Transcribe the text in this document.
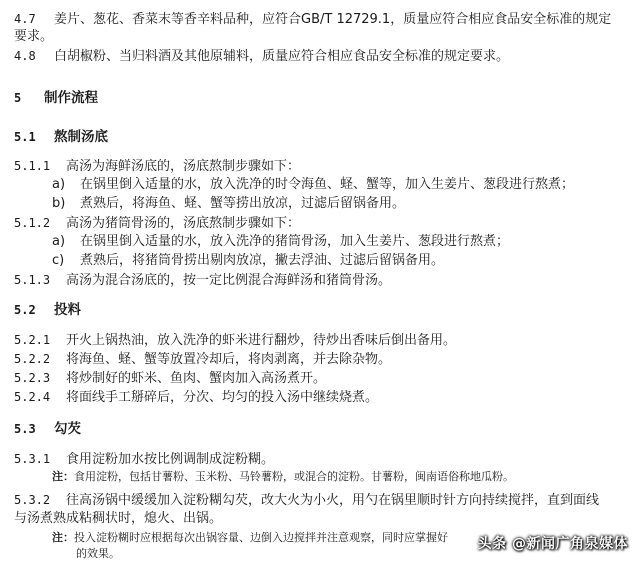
4.7 姜片、葱花、香菜末等香辛料品种，应符合GB/T 12729.1，质量应符合相应食品安全标准的规定
要求。
4.8 白胡椒粉、当归料酒及其他原辅料，质量应符合相应食品安全标准的规定要求。
5 制作流程
5.1 熬制汤底
5.1.1 高汤为海鲜汤底的，汤底熬制步骤如下：
a) 在锅里倒入适量的水，放入洗净的时令海鱼、蛏、蟹等，加入生姜片、葱段进行熬煮；
b) 煮熟后，将海鱼、蛏、蟹等捞出放凉，过滤后留锅备用。
5.1.2 高汤为猪筒骨汤的，汤底熬制步骤如下：
a) 在锅里倒入适量的水，放入洗净的猪筒骨汤，加入生姜片、葱段进行熬煮；
c) 煮熟后，将猪筒骨捞出剔肉放凉，撇去浮油、过滤后留锅备用。
5.1.3 高汤为混合汤底的，按一定比例混合海鲜汤和猪筒骨汤。
5.2 投料
5.2.1 开火上锅热油，放入洗净的虾米进行翻炒，待炒出香味后倒出备用。
5.2.2 将海鱼、蛏、蟹等放置冷却后，将肉剥离，并去除杂物。
5.2.3 将炒制好的虾米、鱼肉、蟹肉加入高汤煮开。
5.2.4 将面线手工掰碎后，分次、均匀的投入汤中继续烧煮。
5.3 勾芡
5.3.1 食用淀粉加水按比例调制成淀粉糊。
注：食用淀粉，包括甘薯粉、玉米粉、马铃薯粉，或混合的淀粉。甘薯粉，闽南语俗称地瓜粉。
5.3.2 往高汤锅中缓缓加入淀粉糊勾芡，改大火为小火，用勺在锅里顺时针方向持续搅拌，直到面线
与汤煮熟成粘稠状时，熄火、出锅。
注：投入淀粉糊时应根据每次出锅容量、边倒入边搅拌并注意观察，同时应掌握好
的效果。
头条 @新闻广角泉媒体
